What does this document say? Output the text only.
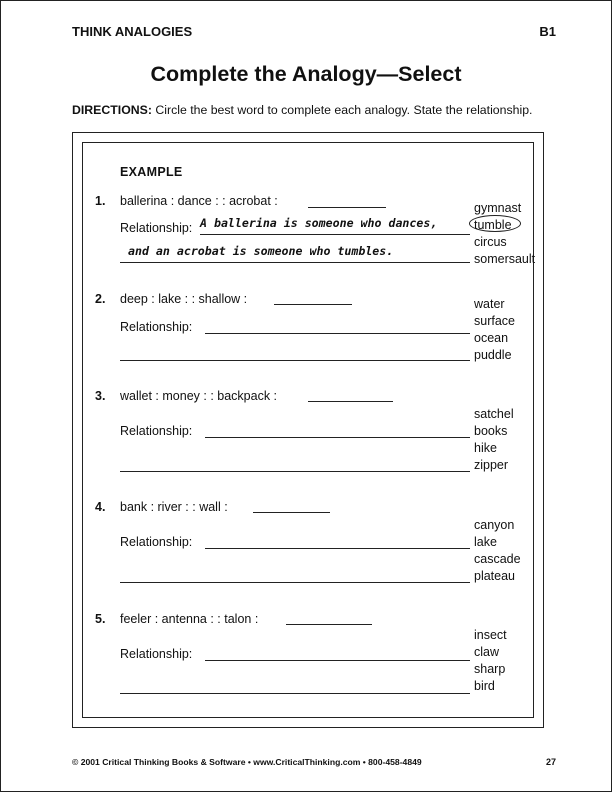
THINK ANALOGIES	B1
Complete the Analogy—Select
DIRECTIONS: Circle the best word to complete each analogy. State the relationship.
EXAMPLE
1. ballerina : dance : : acrobat :
Relationship: A ballerina is someone who dances,
and an acrobat is someone who tumbles.
gymnast
tumble
circus
somersault
2. deep : lake : : shallow :
Relationship:
water
surface
ocean
puddle
3. wallet : money : : backpack :
Relationship:
satchel
books
hike
zipper
4. bank : river : : wall :
Relationship:
canyon
lake
cascade
plateau
5. feeler : antenna : : talon :
Relationship:
insect
claw
sharp
bird
© 2001 Critical Thinking Books & Software • www.CriticalThinking.com • 800-458-4849	27
